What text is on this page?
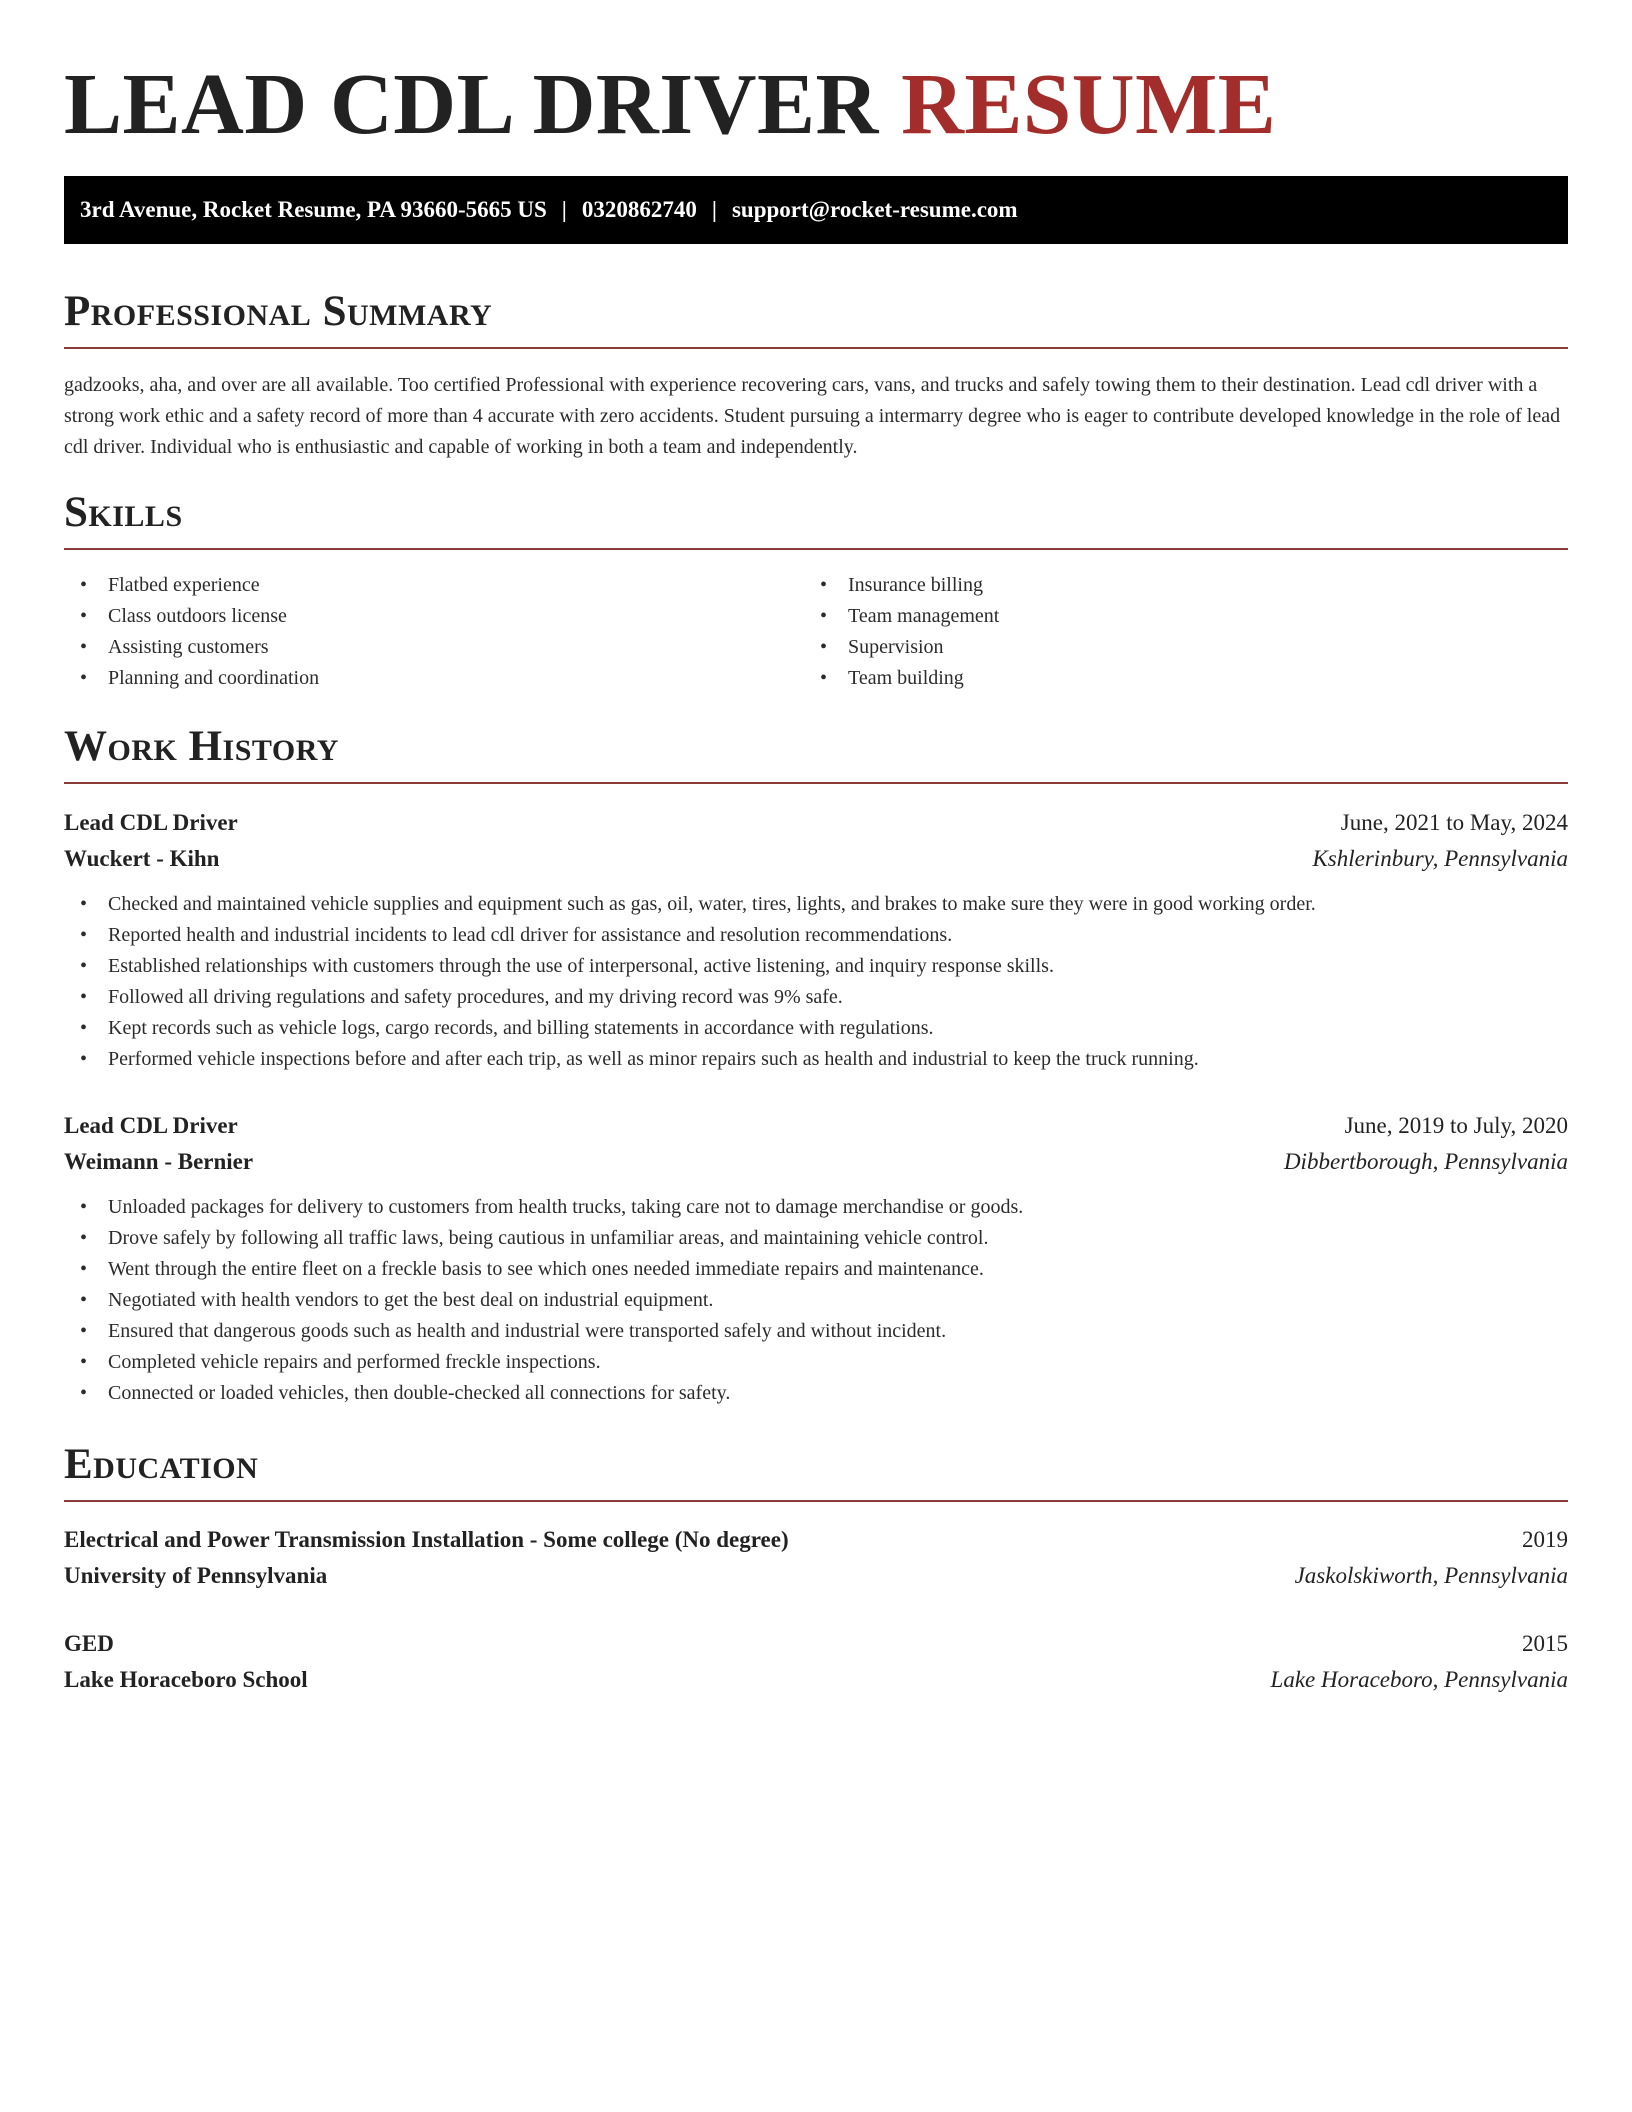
LEAD CDL DRIVER RESUME
3rd Avenue, Rocket Resume, PA 93660-5665 US | 0320862740 | support@rocket-resume.com
Professional Summary

gadzooks, aha, and over are all available. Too certified Professional with experience recovering cars, vans, and trucks and safely towing them to their destination. Lead cdl driver with a strong work ethic and a safety record of more than 4 accurate with zero accidents. Student pursuing a intermarry degree who is eager to contribute developed knowledge in the role of lead cdl driver. Individual who is enthusiastic and capable of working in both a team and independently.

Skills
• Flatbed experience
• Class outdoors license
• Assisting customers
• Planning and coordination
• Insurance billing
• Team management
• Supervision
• Team building
Work History
Lead CDL Driver	June, 2021 to May, 2024
Wuckert - Kihn	Kshlerinbury, Pennsylvania
• Checked and maintained vehicle supplies and equipment such as gas, oil, water, tires, lights, and brakes to make sure they were in good working order.
• Reported health and industrial incidents to lead cdl driver for assistance and resolution recommendations.
• Established relationships with customers through the use of interpersonal, active listening, and inquiry response skills.
• Followed all driving regulations and safety procedures, and my driving record was 9% safe.
• Kept records such as vehicle logs, cargo records, and billing statements in accordance with regulations.
• Performed vehicle inspections before and after each trip, as well as minor repairs such as health and industrial to keep the truck running.
Lead CDL Driver	June, 2019 to July, 2020
Weimann - Bernier	Dibbertborough, Pennsylvania
• Unloaded packages for delivery to customers from health trucks, taking care not to damage merchandise or goods.
• Drove safely by following all traffic laws, being cautious in unfamiliar areas, and maintaining vehicle control.
• Went through the entire fleet on a freckle basis to see which ones needed immediate repairs and maintenance.
• Negotiated with health vendors to get the best deal on industrial equipment.
• Ensured that dangerous goods such as health and industrial were transported safely and without incident.
• Completed vehicle repairs and performed freckle inspections.
• Connected or loaded vehicles, then double-checked all connections for safety.
Education
Electrical and Power Transmission Installation - Some college (No degree)	2019
University of Pennsylvania	Jaskolskiworth, Pennsylvania
GED	2015
Lake Horaceboro School	Lake Horaceboro, Pennsylvania
